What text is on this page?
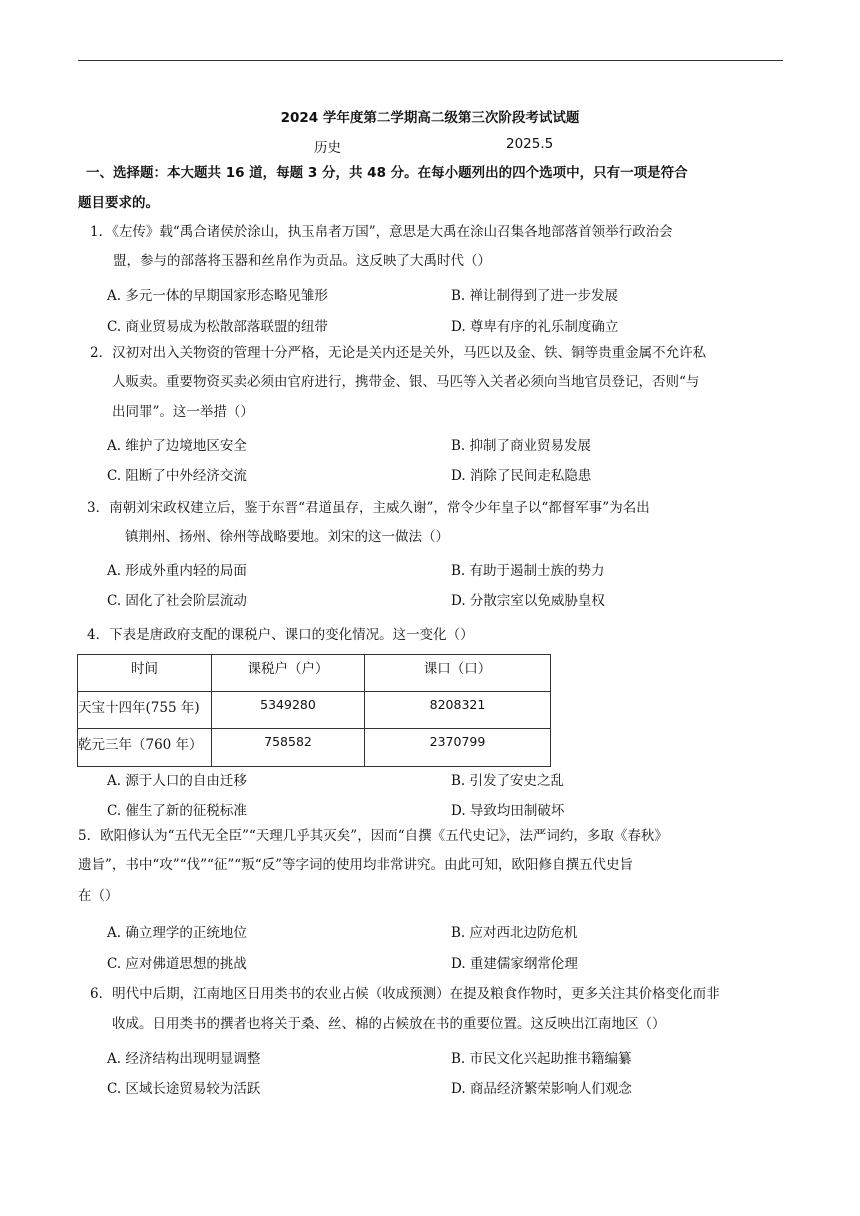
2024 学年度第二学期高二级第三次阶段考试试题
历史	2025.5
一、选择题：本大题共 16 道，每题 3 分，共 48 分。在每小题列出的四个选项中，只有一项是符合
题目要求的。
1．《左传》载“禹合诸侯於涂山，执玉帛者万国”，意思是大禹在涂山召集各地部落首领举行政治会
盟，参与的部落将玉器和丝帛作为贡品。这反映了大禹时代（）
A. 多元一体的早期国家形态略见雏形	B. 禅让制得到了进一步发展
C. 商业贸易成为松散部落联盟的纽带	D. 尊卑有序的礼乐制度确立
2．汉初对出入关物资的管理十分严格，无论是关内还是关外，马匹以及金、铁、铜等贵重金属不允许私
人贩卖。重要物资买卖必须由官府进行，携带金、银、马匹等入关者必须向当地官员登记，否则“与
出同罪”。这一举措（）
A. 维护了边境地区安全	B. 抑制了商业贸易发展
C. 阻断了中外经济交流	D. 消除了民间走私隐患
3．南朝刘宋政权建立后，鉴于东晋“君道虽存，主威久谢”，常令少年皇子以“都督军事”为名出
镇荆州、扬州、徐州等战略要地。刘宋的这一做法（）
A. 形成外重内轻的局面	B. 有助于遏制士族的势力
C. 固化了社会阶层流动	D. 分散宗室以免威胁皇权
4．下表是唐政府支配的课税户、课口的变化情况。这一变化（）
时间	课税户（户）	课口（口）
天宝十四年(755 年)	5349280	8208321
乾元三年（760 年）	758582	2370799
A. 源于人口的自由迁移	B. 引发了安史之乱
C. 催生了新的征税标准	D. 导致均田制破坏
5．欧阳修认为“五代无全臣”“天理几乎其灭矣”，因而“自撰《五代史记》，法严词约，多取《春秋》
遗旨”，书中“攻”“伐”“征”“叛“反”等字词的使用均非常讲究。由此可知，欧阳修自撰五代史旨
在（）
A. 确立理学的正统地位	B. 应对西北边防危机
C. 应对佛道思想的挑战	D. 重建儒家纲常伦理
6．明代中后期，江南地区日用类书的农业占候（收成预测）在提及粮食作物时，更多关注其价格变化而非
收成。日用类书的撰者也将关于桑、丝、棉的占候放在书的重要位置。这反映出江南地区（）
A. 经济结构出现明显调整	B. 市民文化兴起助推书籍编纂
C. 区域长途贸易较为活跃	D. 商品经济繁荣影响人们观念
